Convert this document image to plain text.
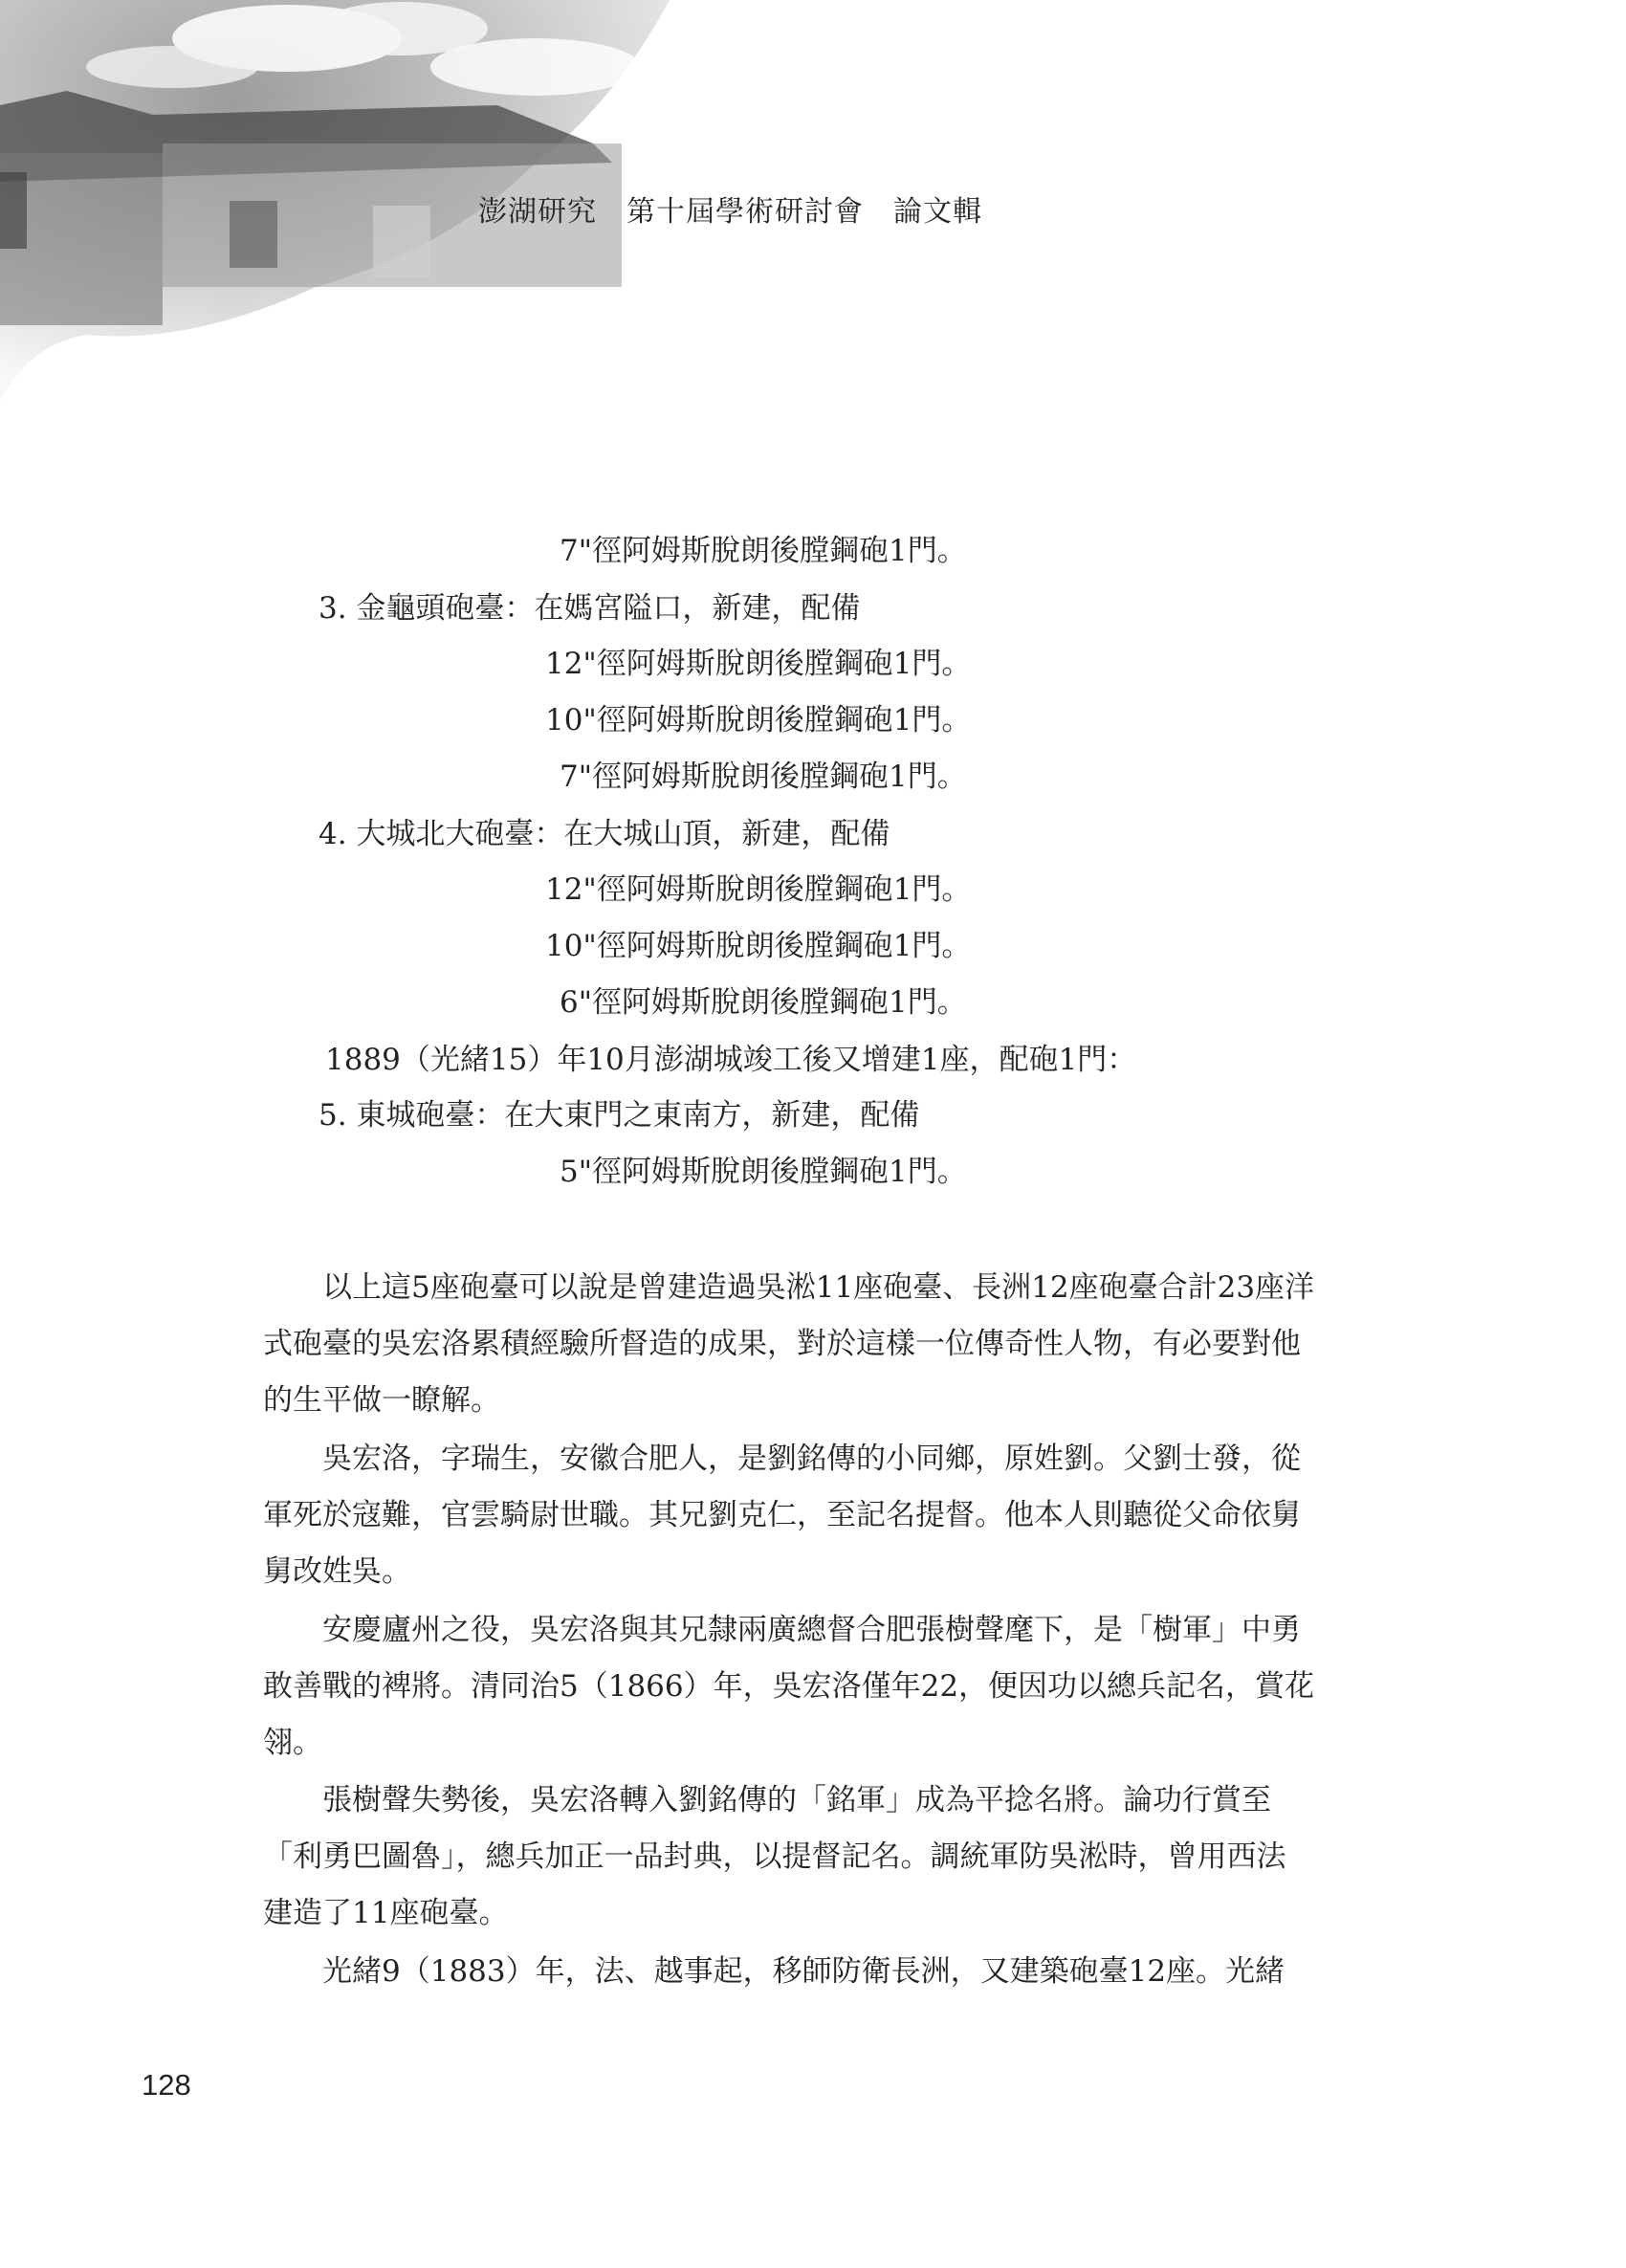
澎湖研究　第十屆學術研討會　論文輯
7"徑阿姆斯脫朗後膛鋼砲1門。
3. 金龜頭砲臺：在媽宮隘口，新建，配備
12"徑阿姆斯脫朗後膛鋼砲1門。
10"徑阿姆斯脫朗後膛鋼砲1門。
7"徑阿姆斯脫朗後膛鋼砲1門。
4. 大城北大砲臺：在大城山頂，新建，配備
12"徑阿姆斯脫朗後膛鋼砲1門。
10"徑阿姆斯脫朗後膛鋼砲1門。
6"徑阿姆斯脫朗後膛鋼砲1門。
1889（光緒15）年10月澎湖城竣工後又增建1座，配砲1門：
5. 東城砲臺：在大東門之東南方，新建，配備
5"徑阿姆斯脫朗後膛鋼砲1門。
以上這5座砲臺可以說是曾建造過吳淞11座砲臺、長洲12座砲臺合計23座洋
式砲臺的吳宏洛累積經驗所督造的成果，對於這樣一位傳奇性人物，有必要對他
的生平做一瞭解。
吳宏洛，字瑞生，安徽合肥人，是劉銘傳的小同鄉，原姓劉。父劉士發，從
軍死於寇難，官雲騎尉世職。其兄劉克仁，至記名提督。他本人則聽從父命依舅
舅改姓吳。
安慶廬州之役，吳宏洛與其兄隸兩廣總督合肥張樹聲麾下，是「樹軍」中勇
敢善戰的裨將。清同治5（1866）年，吳宏洛僅年22，便因功以總兵記名，賞花
翎。
張樹聲失勢後，吳宏洛轉入劉銘傳的「銘軍」成為平捻名將。論功行賞至
「利勇巴圖魯」，總兵加正一品封典，以提督記名。調統軍防吳淞時，曾用西法
建造了11座砲臺。
光緒9（1883）年，法、越事起，移師防衛長洲，又建築砲臺12座。光緒
128
